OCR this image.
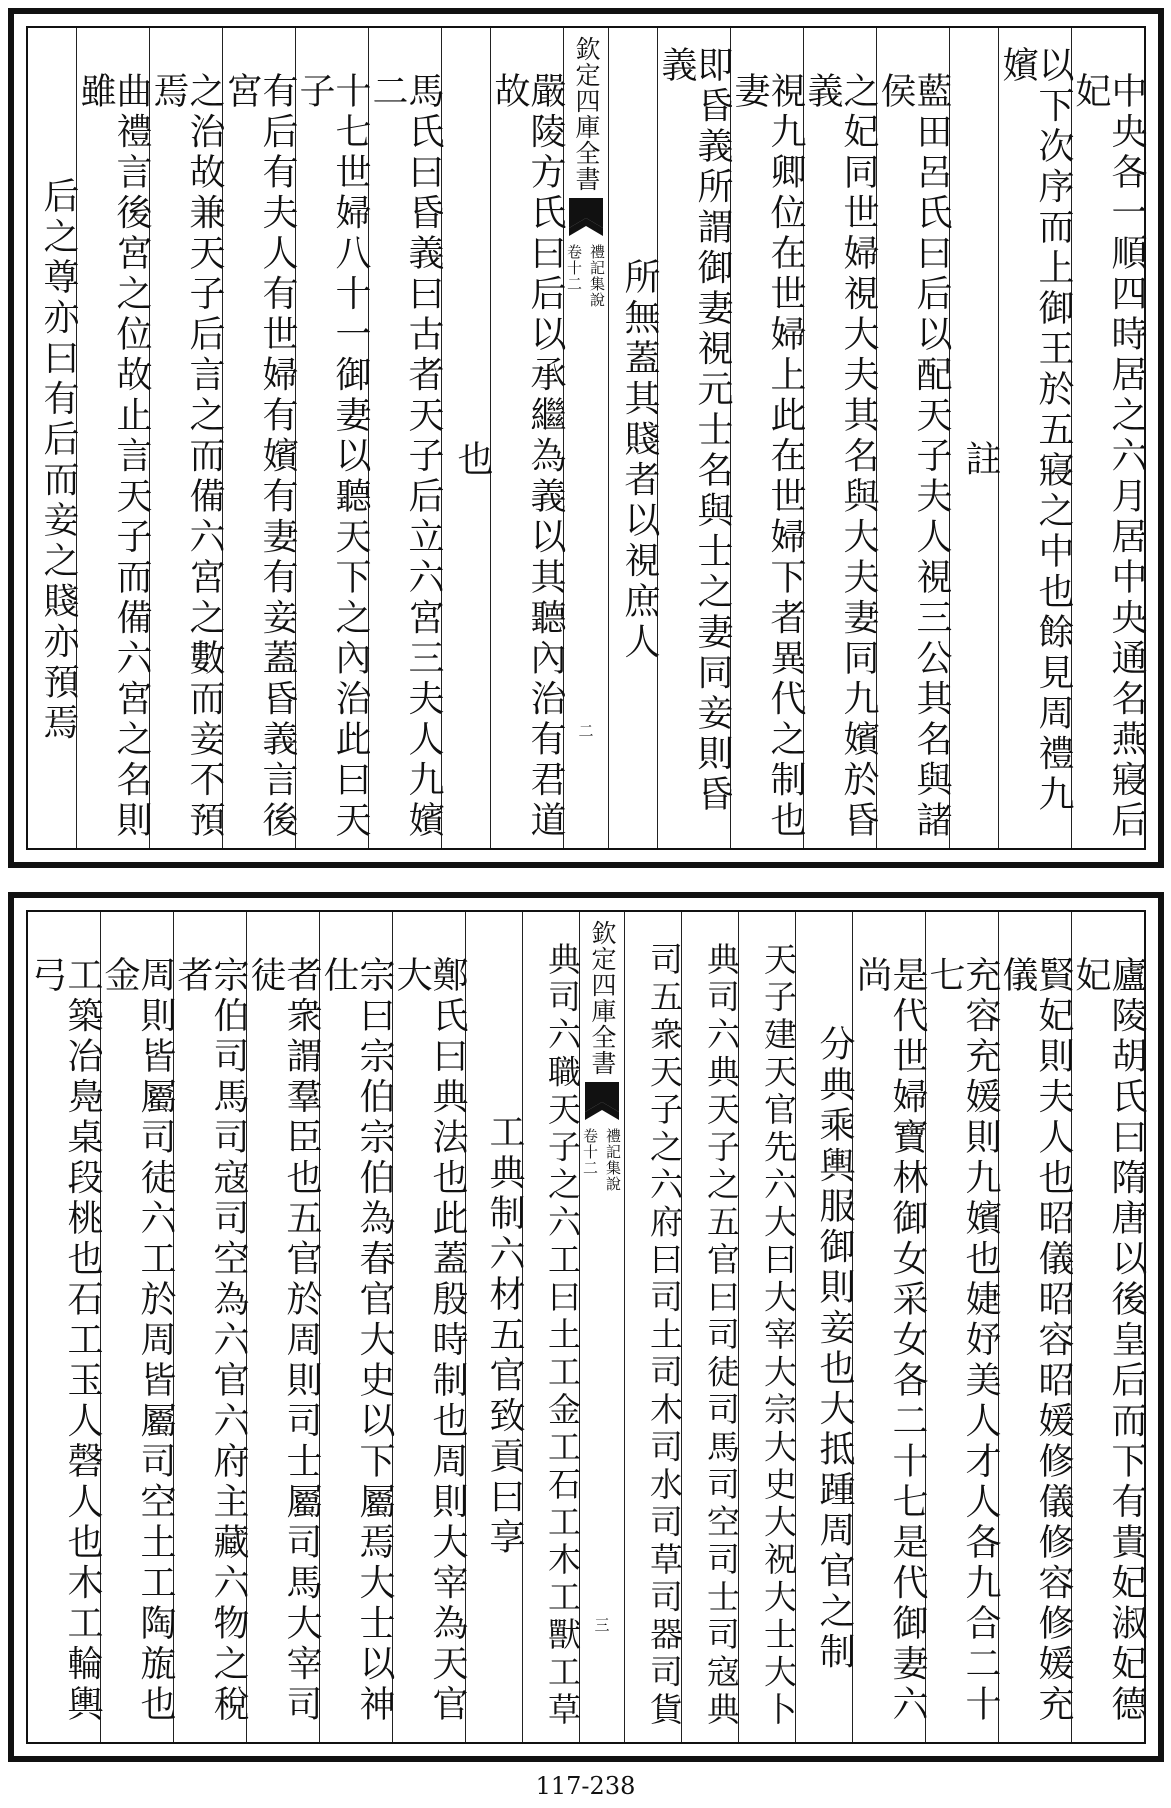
中央各一順四時居之六月居中央通名燕寢后妃
以下次序而上御王於五寢之中也餘見周禮九嬪
註
藍田呂氏曰后以配天子夫人視三公其名與諸侯
之妃同世婦視大夫其名與大夫妻同九嬪於昏義
視九卿位在世婦上此在世婦下者異代之制也妻
即昏義所謂御妻視元士名與士之妻同妾則昏義
所無蓋其賤者以視庶人
欽定四庫全書
禮記集說
卷十二
二
嚴陵方氏曰后以承繼為義以其聽內治有君道故
也
馬氏曰昏義曰古者天子后立六宮三夫人九嬪二
十七世婦八十一御妻以聽天下之內治此曰天子
有后有夫人有世婦有嬪有妻有妾蓋昏義言後宮
之治故兼天子后言之而備六宮之數而妾不預焉
曲禮言後宮之位故止言天子而備六宮之名則雖
后之尊亦曰有后而妾之賤亦預焉
廬陵胡氏曰隋唐以後皇后而下有貴妃淑妃德妃
賢妃則夫人也昭儀昭容昭媛修儀修容修媛充儀
充容充媛則九嬪也婕妤美人才人各九合二十七
是代世婦寶林御女采女各二十七是代御妻六尚
分典乘輿服御則妾也大抵踵周官之制
天子建天官先六大曰大宰大宗大史大祝大士大卜
典司六典天子之五官曰司徒司馬司空司士司寇典
司五衆天子之六府曰司土司木司水司草司器司貨
欽定四庫全書
禮記集說
卷十二
三
典司六職天子之六工曰土工金工石工木工獸工草
工典制六材五官致貢曰享
鄭氏曰典法也此蓋殷時制也周則大宰為天官大
宗曰宗伯宗伯為春官大史以下屬焉大士以神仕
者衆謂羣臣也五官於周則司士屬司馬大宰司徒
宗伯司馬司寇司空為六官六府主藏六物之稅者
周則皆屬司徒六工於周皆屬司空土工陶旊也金
工築冶鳧桌段桃也石工玉人磬人也木工輪輿弓
117-238
